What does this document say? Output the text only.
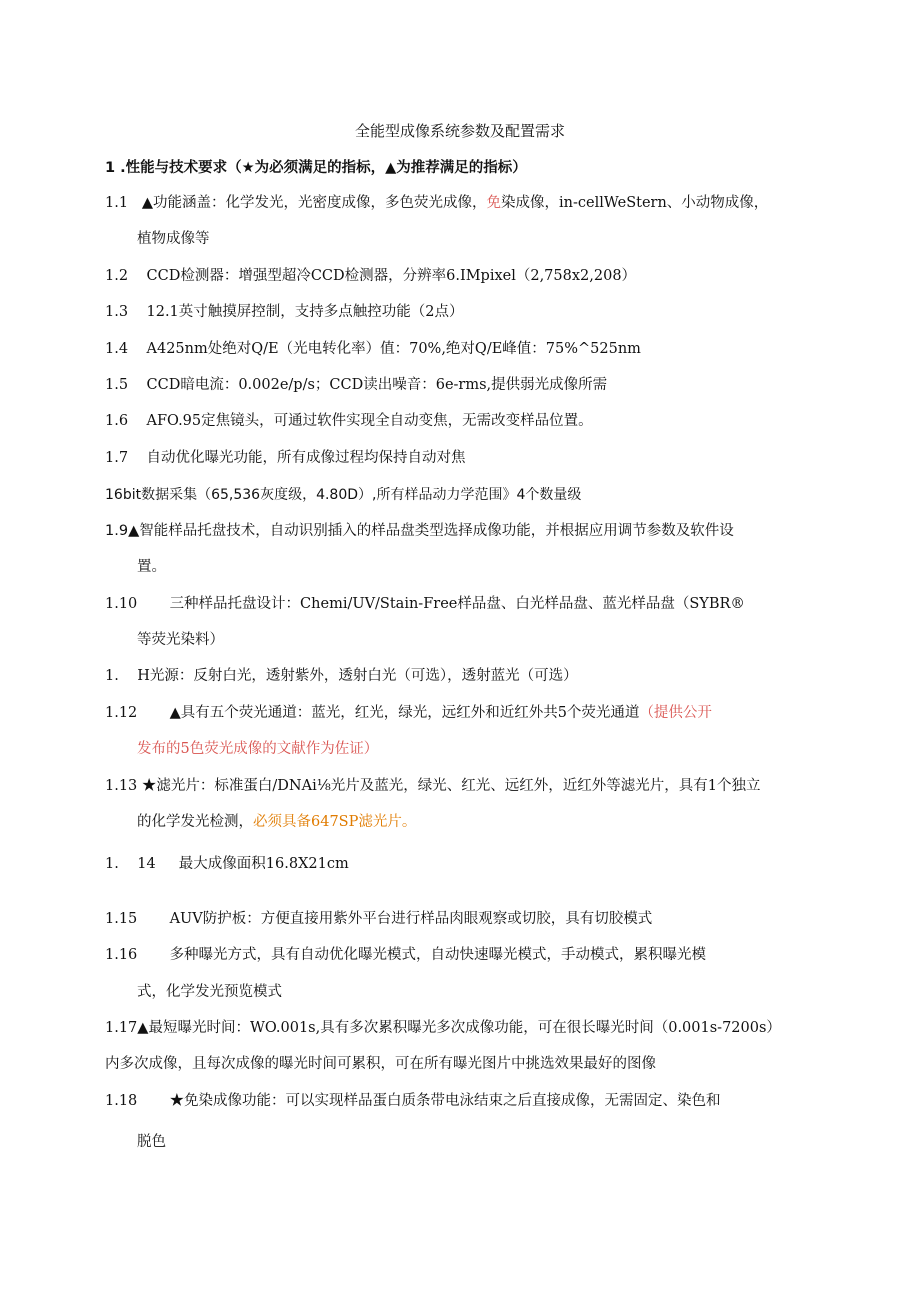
全能型成像系统参数及配置需求
1 .性能与技术要求（★为必须满足的指标，▲为推荐满足的指标）
1.1 ▲功能涵盖：化学发光，光密度成像，多色荧光成像，免染成像，in-cellWeStern、小动物成像，
植物成像等
1.2 CCD检测器：增强型超冷CCD检测器，分辨率6.IMpixel（2,758x2,208）
1.3 12.1英寸触摸屏控制，支持多点触控功能（2点）
1.4 A425nm处绝对Q/E（光电转化率）值：70%,绝对Q/E峰值：75%^525nm
1.5 CCD暗电流：0.002e/p/s；CCD读出噪音：6e-rms,提供弱光成像所需
1.6 AFO.95定焦镜头，可通过软件实现全自动变焦，无需改变样品位置。
1.7 自动优化曝光功能，所有成像过程均保持自动对焦
16bit数据采集（65,536灰度级，4.80D）,所有样品动力学范围》4个数量级
1.9▲智能样品托盘技术，自动识别插入的样品盘类型选择成像功能，并根据应用调节参数及软件设
置。
1.10 三种样品托盘设计：Chemi/UV/Stain-Free样品盘、白光样品盘、蓝光样品盘（SYBR®
等荧光染料）
1. H光源：反射白光，透射紫外，透射白光（可选），透射蓝光（可选）
1.12 ▲具有五个荧光通道：蓝光，红光，绿光，远红外和近红外共5个荧光通道（提供公开
发布的5色荧光成像的文献作为佐证）
1.13 ★滤光片：标准蛋白/DNAi⅛光片及蓝光，绿光、红光、远红外，近红外等滤光片，具有1个独立
的化学发光检测，必须具备647SP滤光片。
1. 14 最大成像面积16.8X21cm
1.15 AUV防护板：方便直接用紫外平台进行样品肉眼观察或切胶，具有切胶模式
1.16 多种曝光方式，具有自动优化曝光模式，自动快速曝光模式，手动模式，累积曝光模
式，化学发光预览模式
1.17▲最短曝光时间：WO.001s,具有多次累积曝光多次成像功能，可在很长曝光时间（0.001s-7200s）
内多次成像，且每次成像的曝光时间可累积，可在所有曝光图片中挑选效果最好的图像
1.18 ★免染成像功能：可以实现样品蛋白质条带电泳结束之后直接成像，无需固定、染色和
脱色
